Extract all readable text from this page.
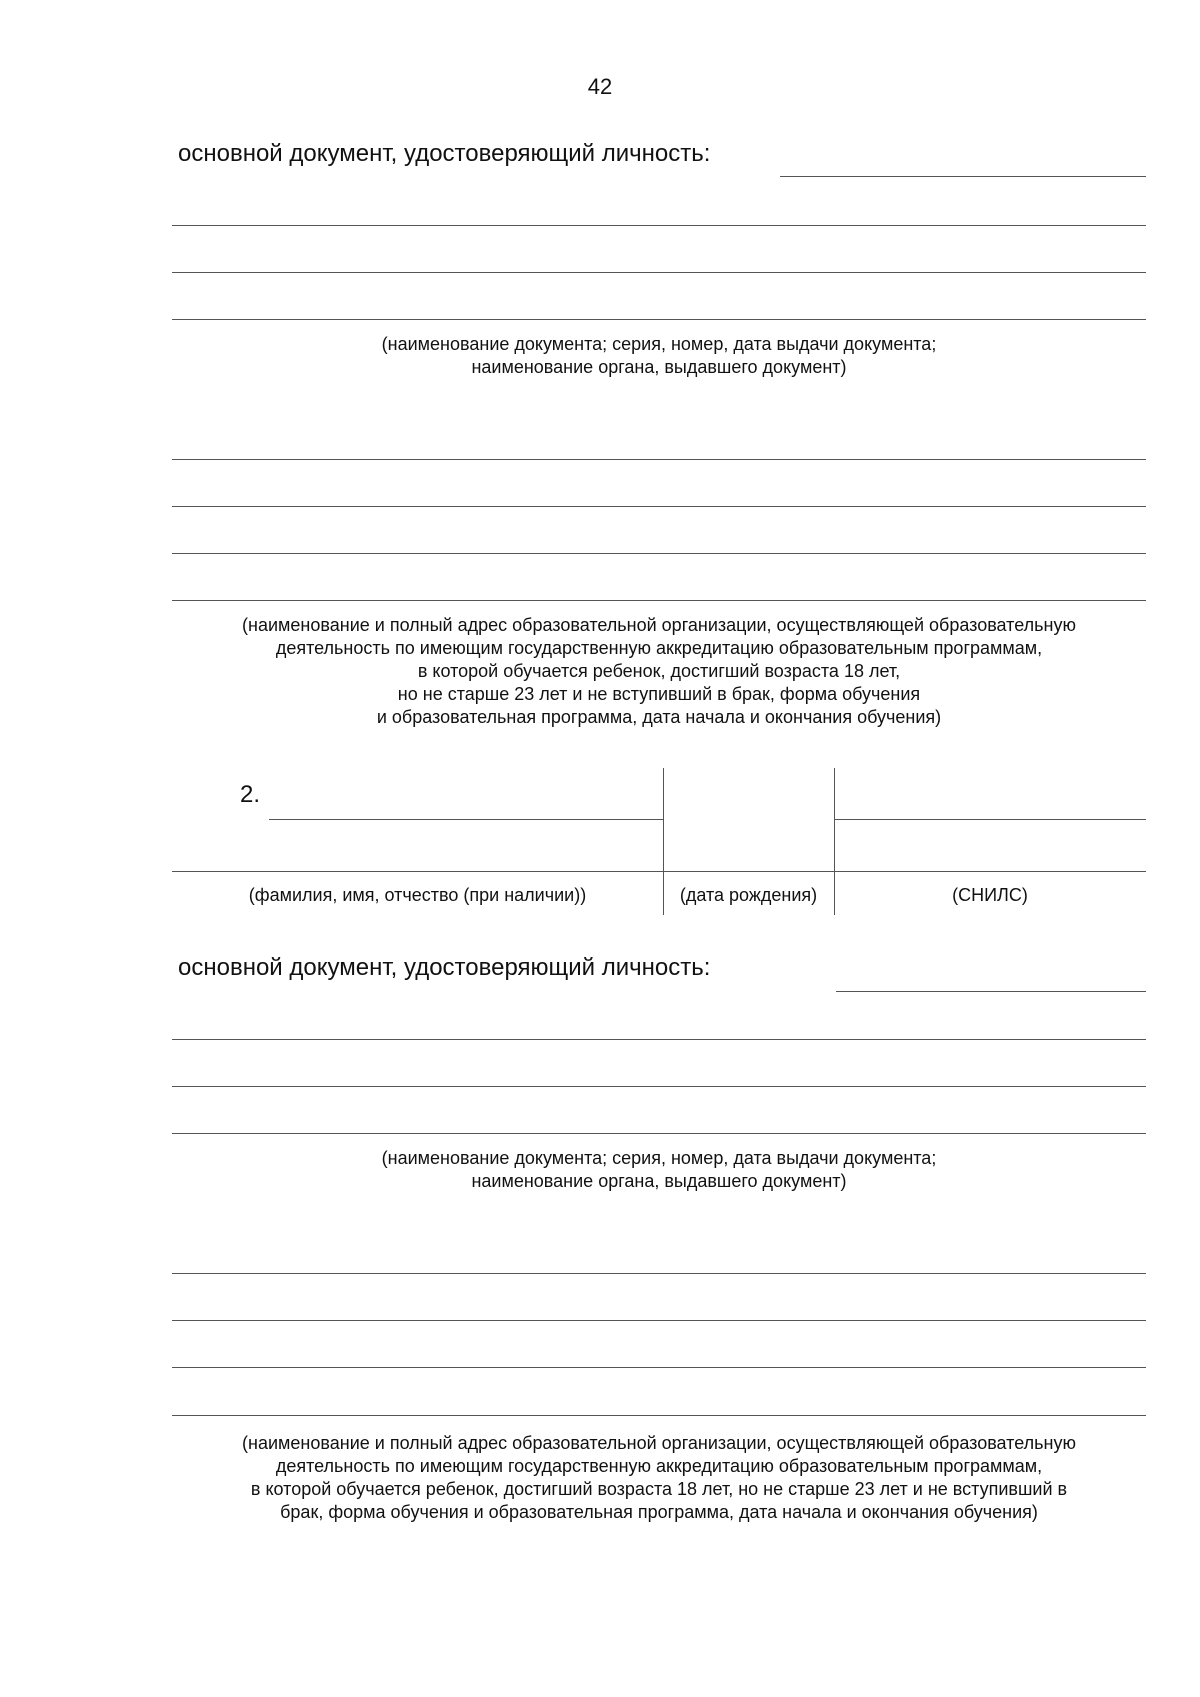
42
основной документ, удостоверяющий личность:
(наименование документа; серия, номер, дата выдачи документа;
наименование органа, выдавшего документ)
(наименование и полный адрес образовательной организации, осуществляющей образовательную
деятельность по имеющим государственную аккредитацию образовательным программам,
в которой обучается ребенок, достигший возраста 18 лет,
но не старше 23 лет и не вступивший в брак, форма обучения
и образовательная программа, дата начала и окончания обучения)
2.
(фамилия, имя, отчество (при наличии))	(дата рождения)	(СНИЛС)
основной документ, удостоверяющий личность:
(наименование документа; серия, номер, дата выдачи документа;
наименование органа, выдавшего документ)
(наименование и полный адрес образовательной организации, осуществляющей образовательную
деятельность по имеющим государственную аккредитацию образовательным программам,
в которой обучается ребенок, достигший возраста 18 лет, но не старше 23 лет и не вступивший в
брак, форма обучения и образовательная программа, дата начала и окончания обучения)
